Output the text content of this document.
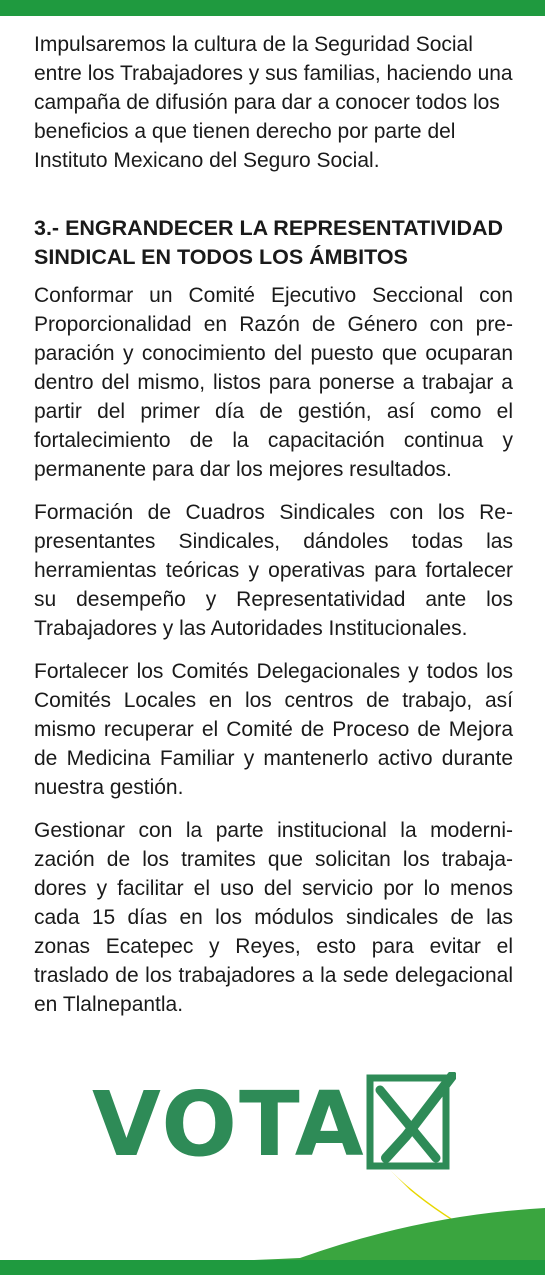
Impulsaremos la cultura de la Seguridad Social entre los Trabajadores y sus familias, haciendo una campaña de difusión para dar a conocer todos los beneficios a que tienen derecho por parte del Instituto Mexicano del Seguro Social.

3.- ENGRANDECER LA REPRESENTATIVIDAD SINDICAL EN TODOS LOS ÁMBITOS

Conformar un Comité Ejecutivo Seccional con Proporcionalidad en Razón de Género con preparación y conocimiento del puesto que ocuparan dentro del mismo, listos para ponerse a trabajar a partir del primer día de gestión, así como el fortalecimiento de la capacitación continua y permanente para dar los mejores resultados.

Formación de Cuadros Sindicales con los Representantes Sindicales, dándoles todas las herramientas teóricas y operativas para fortalecer su desempeño y Representatividad ante los Trabajadores y las Autoridades Institucionales.

Fortalecer los Comités Delegacionales y todos los Comités Locales en los centros de trabajo, así mismo recuperar el Comité de Proceso de Mejora de Medicina Familiar y mantenerlo activo durante nuestra gestión.

Gestionar con la parte institucional la modernización de los tramites que solicitan los trabajadores y facilitar el uso del servicio por lo menos cada 15 días en los módulos sindicales de las zonas Ecatepec y Reyes, esto para evitar el traslado de los trabajadores a la sede delegacional en Tlalnepantla.

VOTA
